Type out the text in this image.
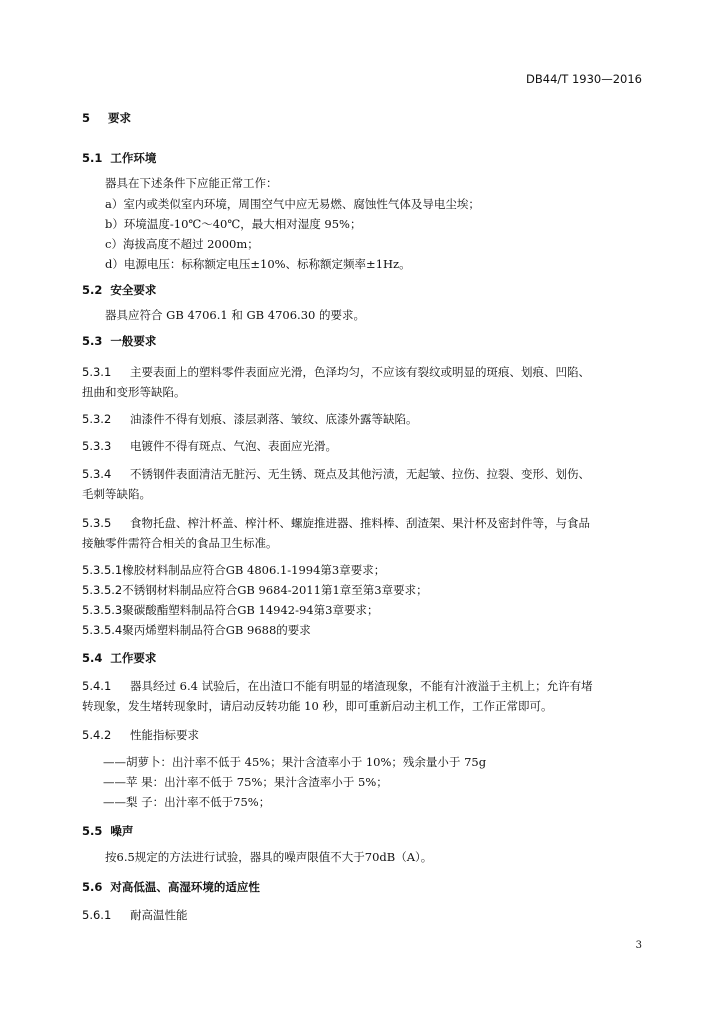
DB44/T 1930—2016
5 要求
5.1 工作环境
器具在下述条件下应能正常工作：
a）室内或类似室内环境，周围空气中应无易燃、腐蚀性气体及导电尘埃；
b）环境温度-10℃～40℃，最大相对湿度 95%；
c）海拔高度不超过 2000m；
d）电源电压：标称额定电压±10%、标称额定频率±1Hz。
5.2 安全要求
器具应符合 GB 4706.1 和 GB 4706.30 的要求。
5.3 一般要求
5.3.1 主要表面上的塑料零件表面应光滑，色泽均匀，不应该有裂纹或明显的斑痕、划痕、凹陷、
扭曲和变形等缺陷。
5.3.2 油漆件不得有划痕、漆层剥落、皱纹、底漆外露等缺陷。
5.3.3 电镀件不得有斑点、气泡、表面应光滑。
5.3.4 不锈钢件表面清洁无脏污、无生锈、斑点及其他污渍，无起皱、拉伤、拉裂、变形、划伤、
毛刺等缺陷。
5.3.5 食物托盘、榨汁杯盖、榨汁杯、螺旋推进器、推料棒、刮渣架、果汁杯及密封件等，与食品
接触零件需符合相关的食品卫生标准。
5.3.5.1橡胶材料制品应符合GB 4806.1-1994第3章要求；
5.3.5.2不锈钢材料制品应符合GB 9684-2011第1章至第3章要求；
5.3.5.3聚碳酸酯塑料制品符合GB 14942-94第3章要求；
5.3.5.4聚丙烯塑料制品符合GB 9688的要求
5.4 工作要求
5.4.1 器具经过 6.4 试验后，在出渣口不能有明显的堵渣现象，不能有汁液溢于主机上；允许有堵
转现象，发生堵转现象时，请启动反转功能 10 秒，即可重新启动主机工作，工作正常即可。
5.4.2 性能指标要求
——胡萝卜：出汁率不低于 45%；果汁含渣率小于 10%；残余量小于 75g
——苹 果：出汁率不低于 75%；果汁含渣率小于 5%；
——梨 子：出汁率不低于75%；
5.5 噪声
按6.5规定的方法进行试验，器具的噪声限值不大于70dB（A）。
5.6 对高低温、高湿环境的适应性
5.6.1 耐高温性能
3
